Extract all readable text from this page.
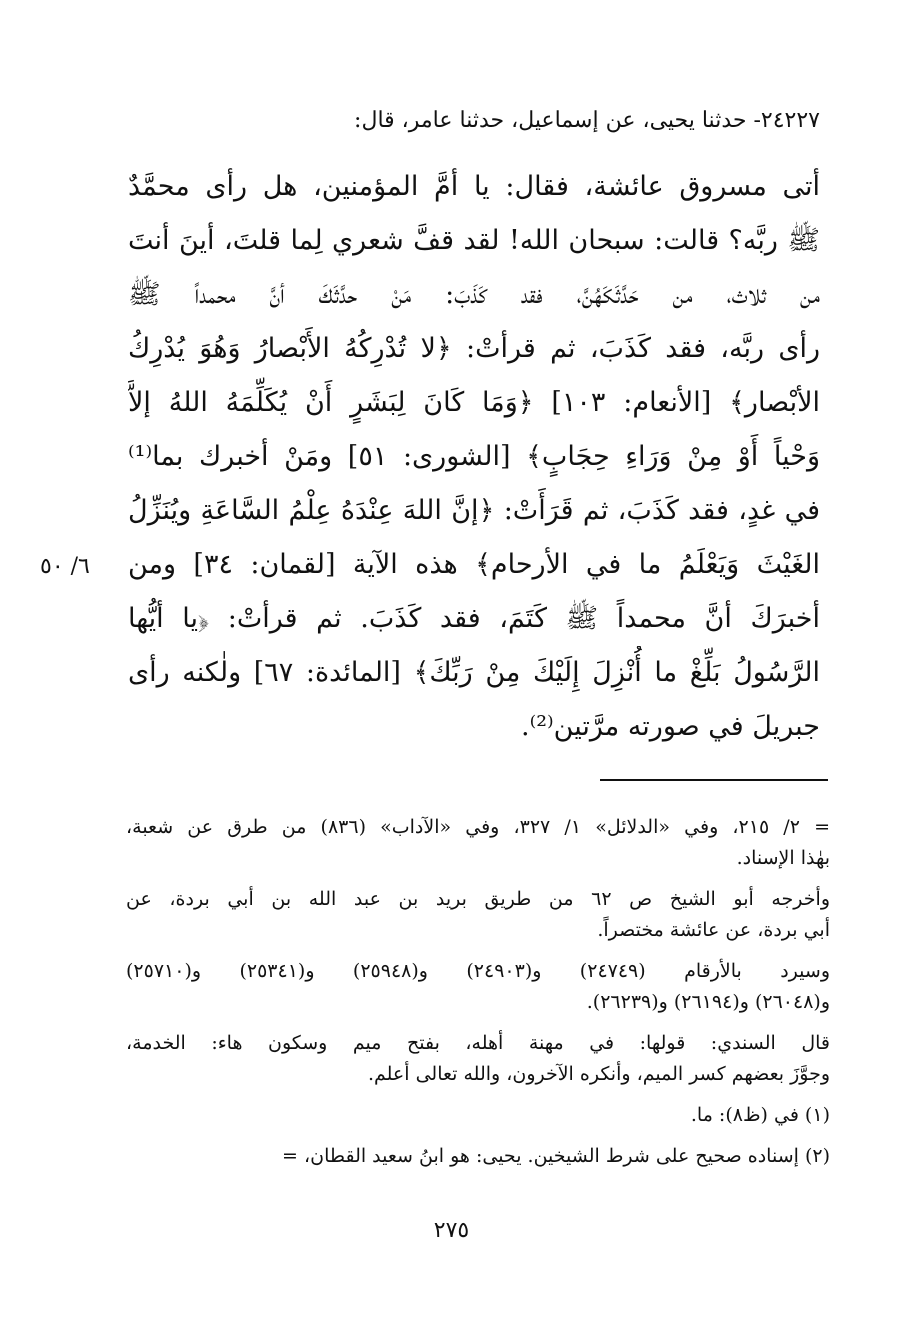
٢٤٢٢٧- حدثنا يحيى، عن إسماعيل، حدثنا عامر، قال:
أتى مسروق عائشة، فقال: يا أمَّ المؤمنين، هل رأى محمَّدٌ
ﷺ ربَّه؟ قالت: سبحان الله! لقد قفَّ شعري لِما قلتَ، أينَ أنتَ
من ثلاث، من حَدَّثَكَهُنَّ، فقد كَذَبَ: مَنْ حدَّثَكَ أنَّ محمداً ﷺ
رأى ربَّه، فقد كَذَبَ، ثم قرأتْ: ﴿لا تُدْرِكُهُ الأَبْصارُ وَهُوَ يُدْرِكُ
الأبْصار﴾ [الأنعام: ١٠٣] ﴿وَمَا كَانَ لِبَشَرٍ أَنْ يُكَلِّمَهُ اللهُ إلاَّ
وَحْياً أَوْ مِنْ وَرَاءِ حِجَابٍ﴾ [الشورى: ٥١] ومَنْ أخبرك بما⁽¹⁾
في غدٍ، فقد كَذَبَ، ثم قَرَأَتْ: ﴿إنَّ اللهَ عِنْدَهُ عِلْمُ السَّاعَةِ ويُنَزِّلُ
الغَيْثَ وَيَعْلَمُ ما في الأرحام﴾ هذه الآية [لقمان: ٣٤] ومن
أخبرَكَ أنَّ محمداً ﷺ كَتَمَ، فقد كَذَبَ. ثم قرأتْ: ﴿يا أيُّها
الرَّسُولُ بَلِّغْ ما أُنْزِلَ إِلَيْكَ مِنْ رَبِّكَ﴾ [المائدة: ٦٧] ولٰكنه رأى
جبريلَ في صورته مرَّتين⁽²⁾.
٦/ ٥٠
= ٢/ ٢١٥، وفي «الدلائل» ١/ ٣٢٧، وفي «الآداب» (٨٣٦) من طرق عن شعبة،
بهٰذا الإسناد.
وأخرجه أبو الشيخ ص ٦٢ من طريق بريد بن عبد الله بن أبي بردة، عن
أبي بردة، عن عائشة مختصراً.
وسيرد بالأرقام (٢٤٧٤٩) و(٢٤٩٠٣) و(٢٥٩٤٨) و(٢٥٣٤١) و(٢٥٧١٠)
و(٢٦٠٤٨) و(٢٦١٩٤) و(٢٦٢٣٩).
قال السندي: قولها: في مهنة أهله، بفتح ميم وسكون هاء: الخدمة،
وجوَّزَ بعضهم كسر الميم، وأنكره الآخرون، والله تعالى أعلم.
(١) في (ظ٨): ما.
(٢) إسناده صحيح على شرط الشيخين. يحيى: هو ابنُ سعيد القطان، =
٢٧٥
